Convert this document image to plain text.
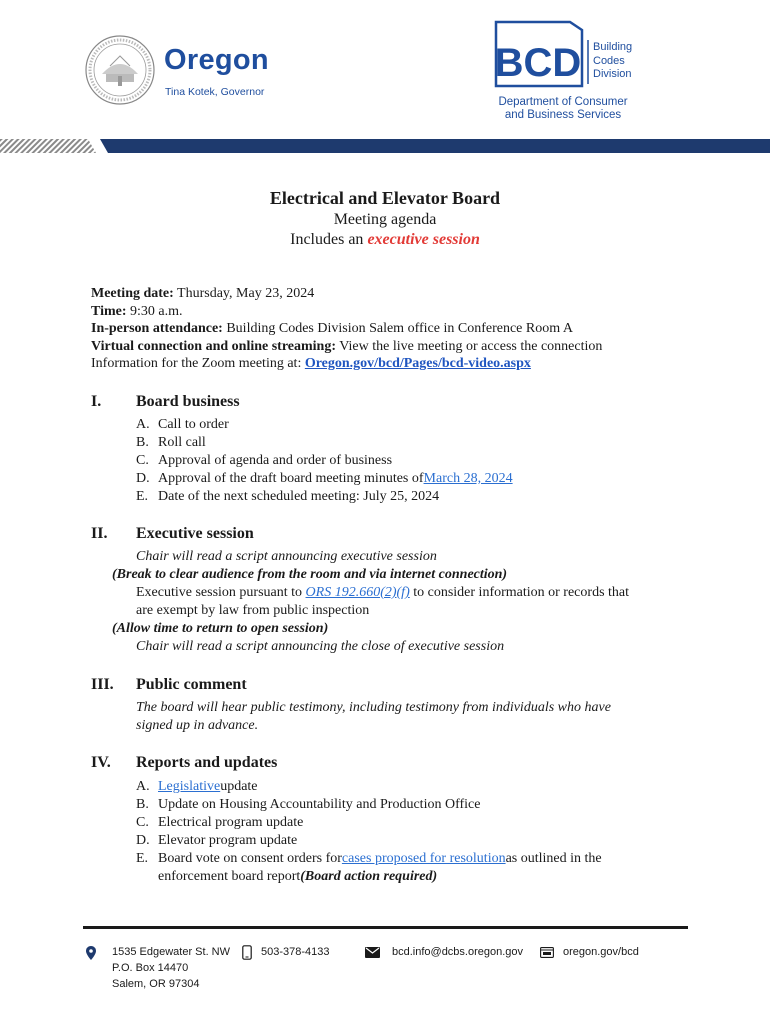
Oregon
Tina Kotek, Governor
BCD Building
Codes
Division
Department of Consumer
and Business Services
Electrical and Elevator Board
Meeting agenda
Includes an executive session
Meeting date: Thursday, May 23, 2024
Time: 9:30 a.m.
In-person attendance: Building Codes Division Salem office in Conference Room A
Virtual connection and online streaming: View the live meeting or access the connection
Information for the Zoom meeting at: Oregon.gov/bcd/Pages/bcd-video.aspx
I. Board business
A. Call to order
B. Roll call
C. Approval of agenda and order of business
D. Approval of the draft board meeting minutes of March 28, 2024
E. Date of the next scheduled meeting: July 25, 2024
II. Executive session
Chair will read a script announcing executive session
(Break to clear audience from the room and via internet connection)
Executive session pursuant to ORS 192.660(2)(f) to consider information or records that
are exempt by law from public inspection
(Allow time to return to open session)
Chair will read a script announcing the close of executive session
III. Public comment
The board will hear public testimony, including testimony from individuals who have
signed up in advance.
IV. Reports and updates
A. Legislative update
B. Update on Housing Accountability and Production Office
C. Electrical program update
D. Elevator program update
E. Board vote on consent orders for cases proposed for resolution as outlined in the
enforcement board report (Board action required)
1535 Edgewater St. NW
P.O. Box 14470
Salem, OR 97304
503-378-4133	bcd.info@dcbs.oregon.gov	oregon.gov/bcd
